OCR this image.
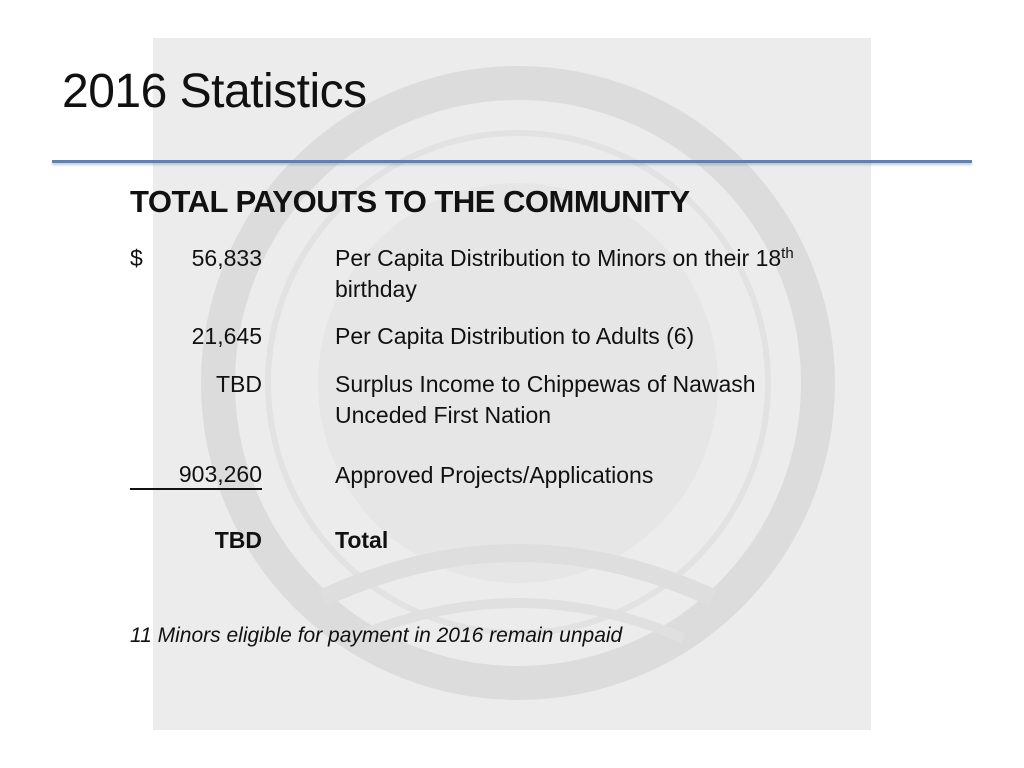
2016 Statistics
TOTAL PAYOUTS TO THE COMMUNITY
$	56,833	Per Capita Distribution to Minors on their 18th
birthday
21,645	Per Capita Distribution to Adults (6)
TBD	Surplus Income to Chippewas of Nawash
Unceded First Nation
903,260	Approved Projects/Applications
TBD	Total
11 Minors eligible for payment in 2016 remain unpaid
